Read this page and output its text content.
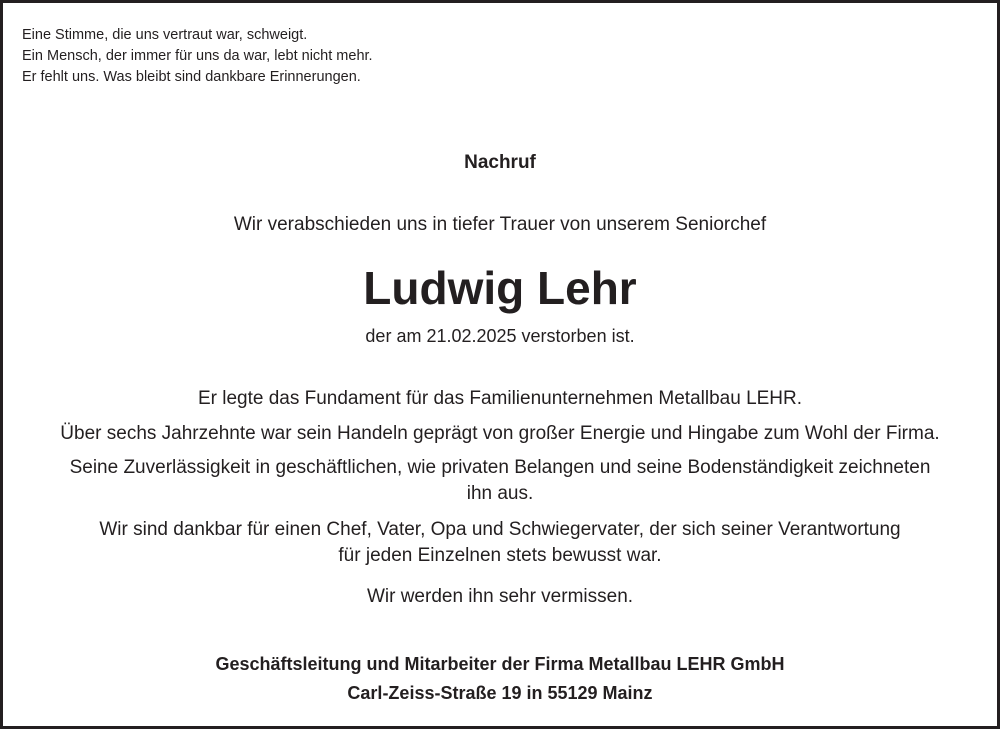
Eine Stimme, die uns vertraut war, schweigt.
Ein Mensch, der immer für uns da war, lebt nicht mehr.
Er fehlt uns. Was bleibt sind dankbare Erinnerungen.
Nachruf
Wir verabschieden uns in tiefer Trauer von unserem Seniorchef
Ludwig Lehr
der am 21.02.2025 verstorben ist.
Er legte das Fundament für das Familienunternehmen Metallbau LEHR.
Über sechs Jahrzehnte war sein Handeln geprägt von großer Energie und Hingabe zum Wohl der Firma.
Seine Zuverlässigkeit in geschäftlichen, wie privaten Belangen und seine Bodenständigkeit zeichneten
ihn aus.
Wir sind dankbar für einen Chef, Vater, Opa und Schwiegervater, der sich seiner Verantwortung
für jeden Einzelnen stets bewusst war.
Wir werden ihn sehr vermissen.
Geschäftsleitung und Mitarbeiter der Firma Metallbau LEHR GmbH
Carl-Zeiss-Straße 19 in 55129 Mainz
